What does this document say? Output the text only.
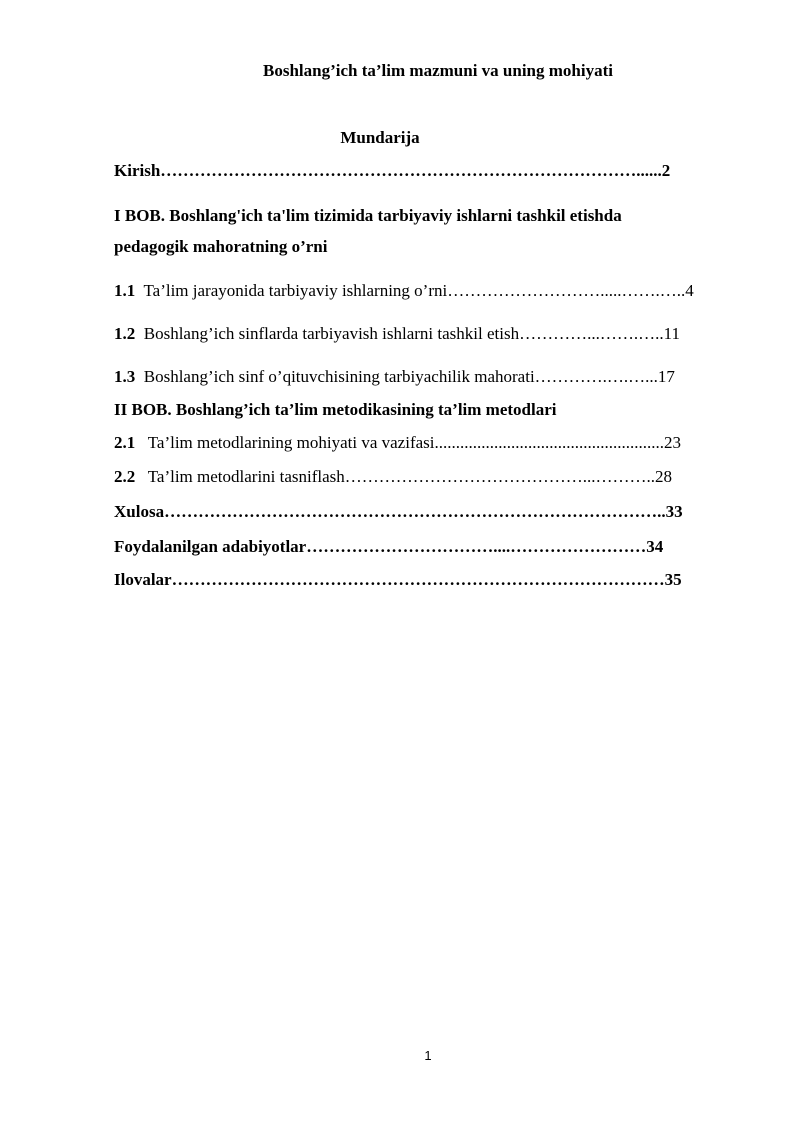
Boshlang’ich ta’lim mazmuni va uning mohiyati
Mundarija
Kirish…………………………………………………………………………......2
I BOB. Boshlang'ich ta'lim tizimida tarbiyaviy ishlarni tashkil etishda
pedagogik mahoratning o’rni
1.1 Ta’lim jarayonida tarbiyaviy ishlarning o’rni……………………….....…….…..4
1.2 Boshlang’ich sinflarda tarbiyavish ishlarni tashkil etish…………...…….…..11
1.3 Boshlang’ich sinf o’qituvchisining tarbiyachilik mahorati………….….…...17
II BOB. Boshlang’ich ta’lim metodikasining ta’lim metodlari
2.1 Ta’lim metodlarining mohiyati va vazifasi......................................................23
2.2 Ta’lim metodlarini tasniflash……………………………………...………..28
Xulosa……………………………………………………………………………..33
Foydalanilgan adabiyotlar……………………………....……………………34
Ilovalar……………………………………………………………………………35
1
